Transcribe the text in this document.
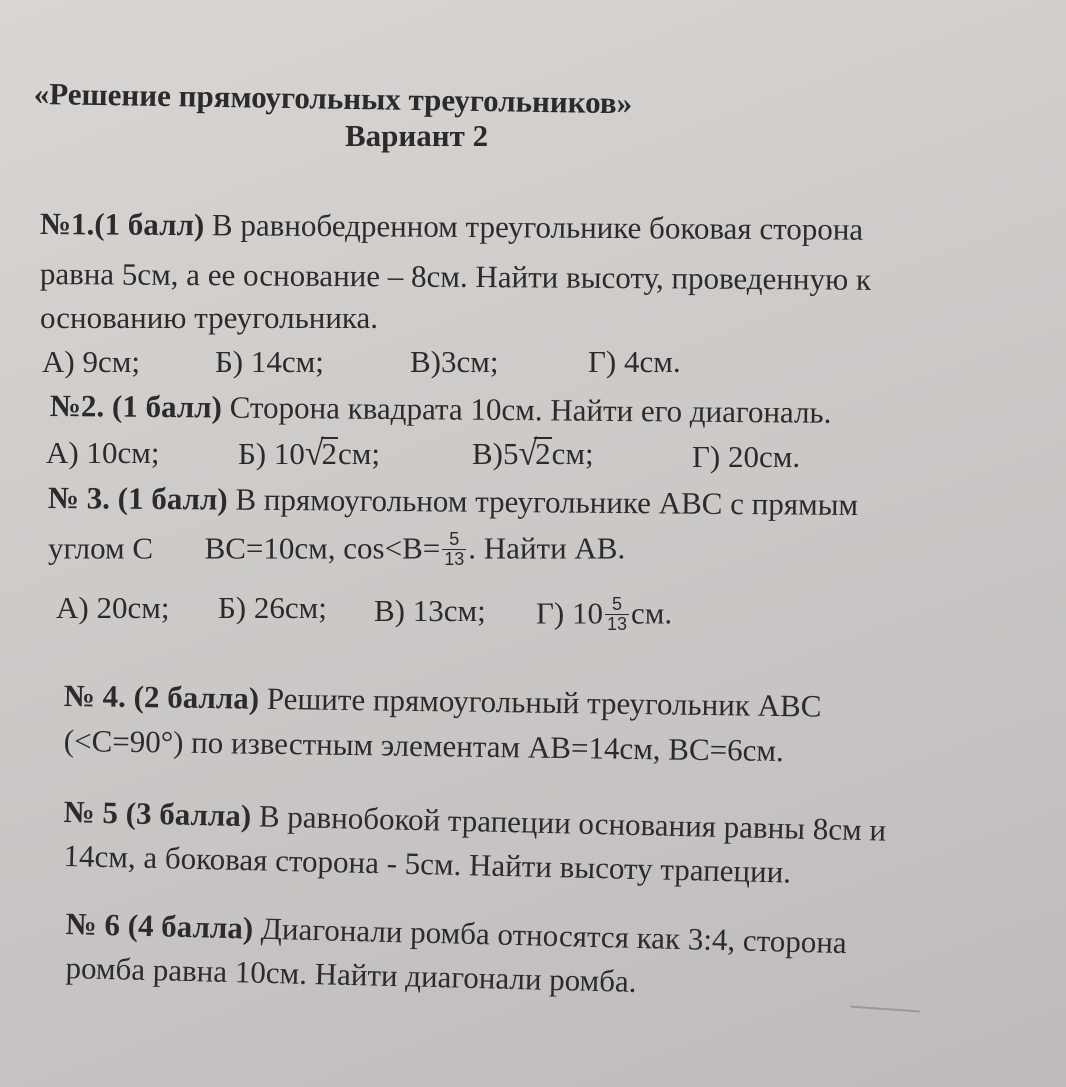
«Решение прямоугольных треугольников»
Вариант 2
№1.(1 балл) В равнобедренном треугольнике боковая сторона
равна 5см, а ее основание – 8см. Найти высоту, проведенную к
основанию треугольника.
А) 9см; Б) 14см;	В)3см;	Г) 4см.
№2. (1 балл) Сторона квадрата 10см. Найти его диагональ.
А) 10см;	Б) 10√2см;	В)5√2см;	Г) 20см.
№ 3. (1 балл) В прямоугольном треугольнике АВС с прямым
углом С ВС=10см, $\cos<B= \frac{5}{13}$ . Найти АВ.
А) 20см; Б) 26см; В) 13см; Г) $10 \frac{5}{13}$ см.
№ 4. (2 балла) Решите прямоугольный треугольник АВС
(<C=90°) по известным элементам АВ=14см, ВС=6см.
№ 5 (3 балла) В равнобокой трапеции основания равны 8см и
14см, а боковая сторона - 5см. Найти высоту трапеции.
№ 6 (4 балла) Диагонали ромба относятся как 3:4, сторона
ромба равна 10см. Найти диагонали ромба.
